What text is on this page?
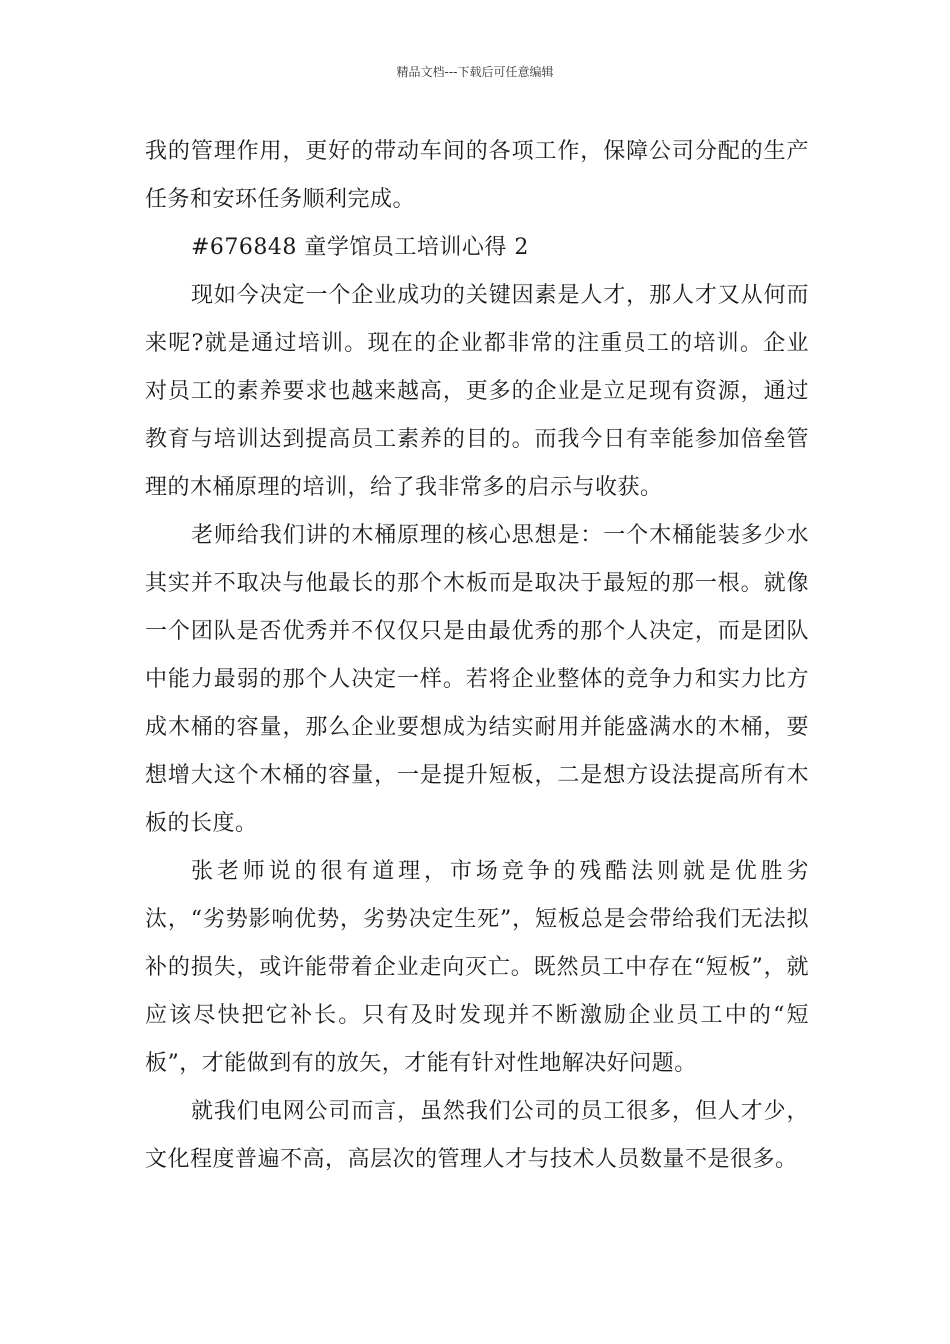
精品文档---下载后可任意编辑

我的管理作用，更好的带动车间的各项工作，保障公司分配的生产任务和安环任务顺利完成。

#676848 童学馆员工培训心得 2

现如今决定一个企业成功的关键因素是人才，那人才又从何而来呢?就是通过培训。现在的企业都非常的注重员工的培训。企业对员工的素养要求也越来越高，更多的企业是立足现有资源，通过教育与培训达到提高员工素养的目的。而我今日有幸能参加倍垒管理的木桶原理的培训，给了我非常多的启示与收获。

老师给我们讲的木桶原理的核心思想是：一个木桶能装多少水其实并不取决与他最长的那个木板而是取决于最短的那一根。就像一个团队是否优秀并不仅仅只是由最优秀的那个人决定，而是团队中能力最弱的那个人决定一样。若将企业整体的竞争力和实力比方成木桶的容量，那么企业要想成为结实耐用并能盛满水的木桶，要想增大这个木桶的容量，一是提升短板，二是想方设法提高所有木板的长度。

张老师说的很有道理，市场竞争的残酷法则就是优胜劣汰，“劣势影响优势，劣势决定生死”，短板总是会带给我们无法拟补的损失，或许能带着企业走向灭亡。既然员工中存在“短板”，就应该尽快把它补长。只有及时发现并不断激励企业员工中的“短板”，才能做到有的放矢，才能有针对性地解决好问题。

就我们电网公司而言，虽然我们公司的员工很多，但人才少，文化程度普遍不高，高层次的管理人才与技术人员数量不是很多。
